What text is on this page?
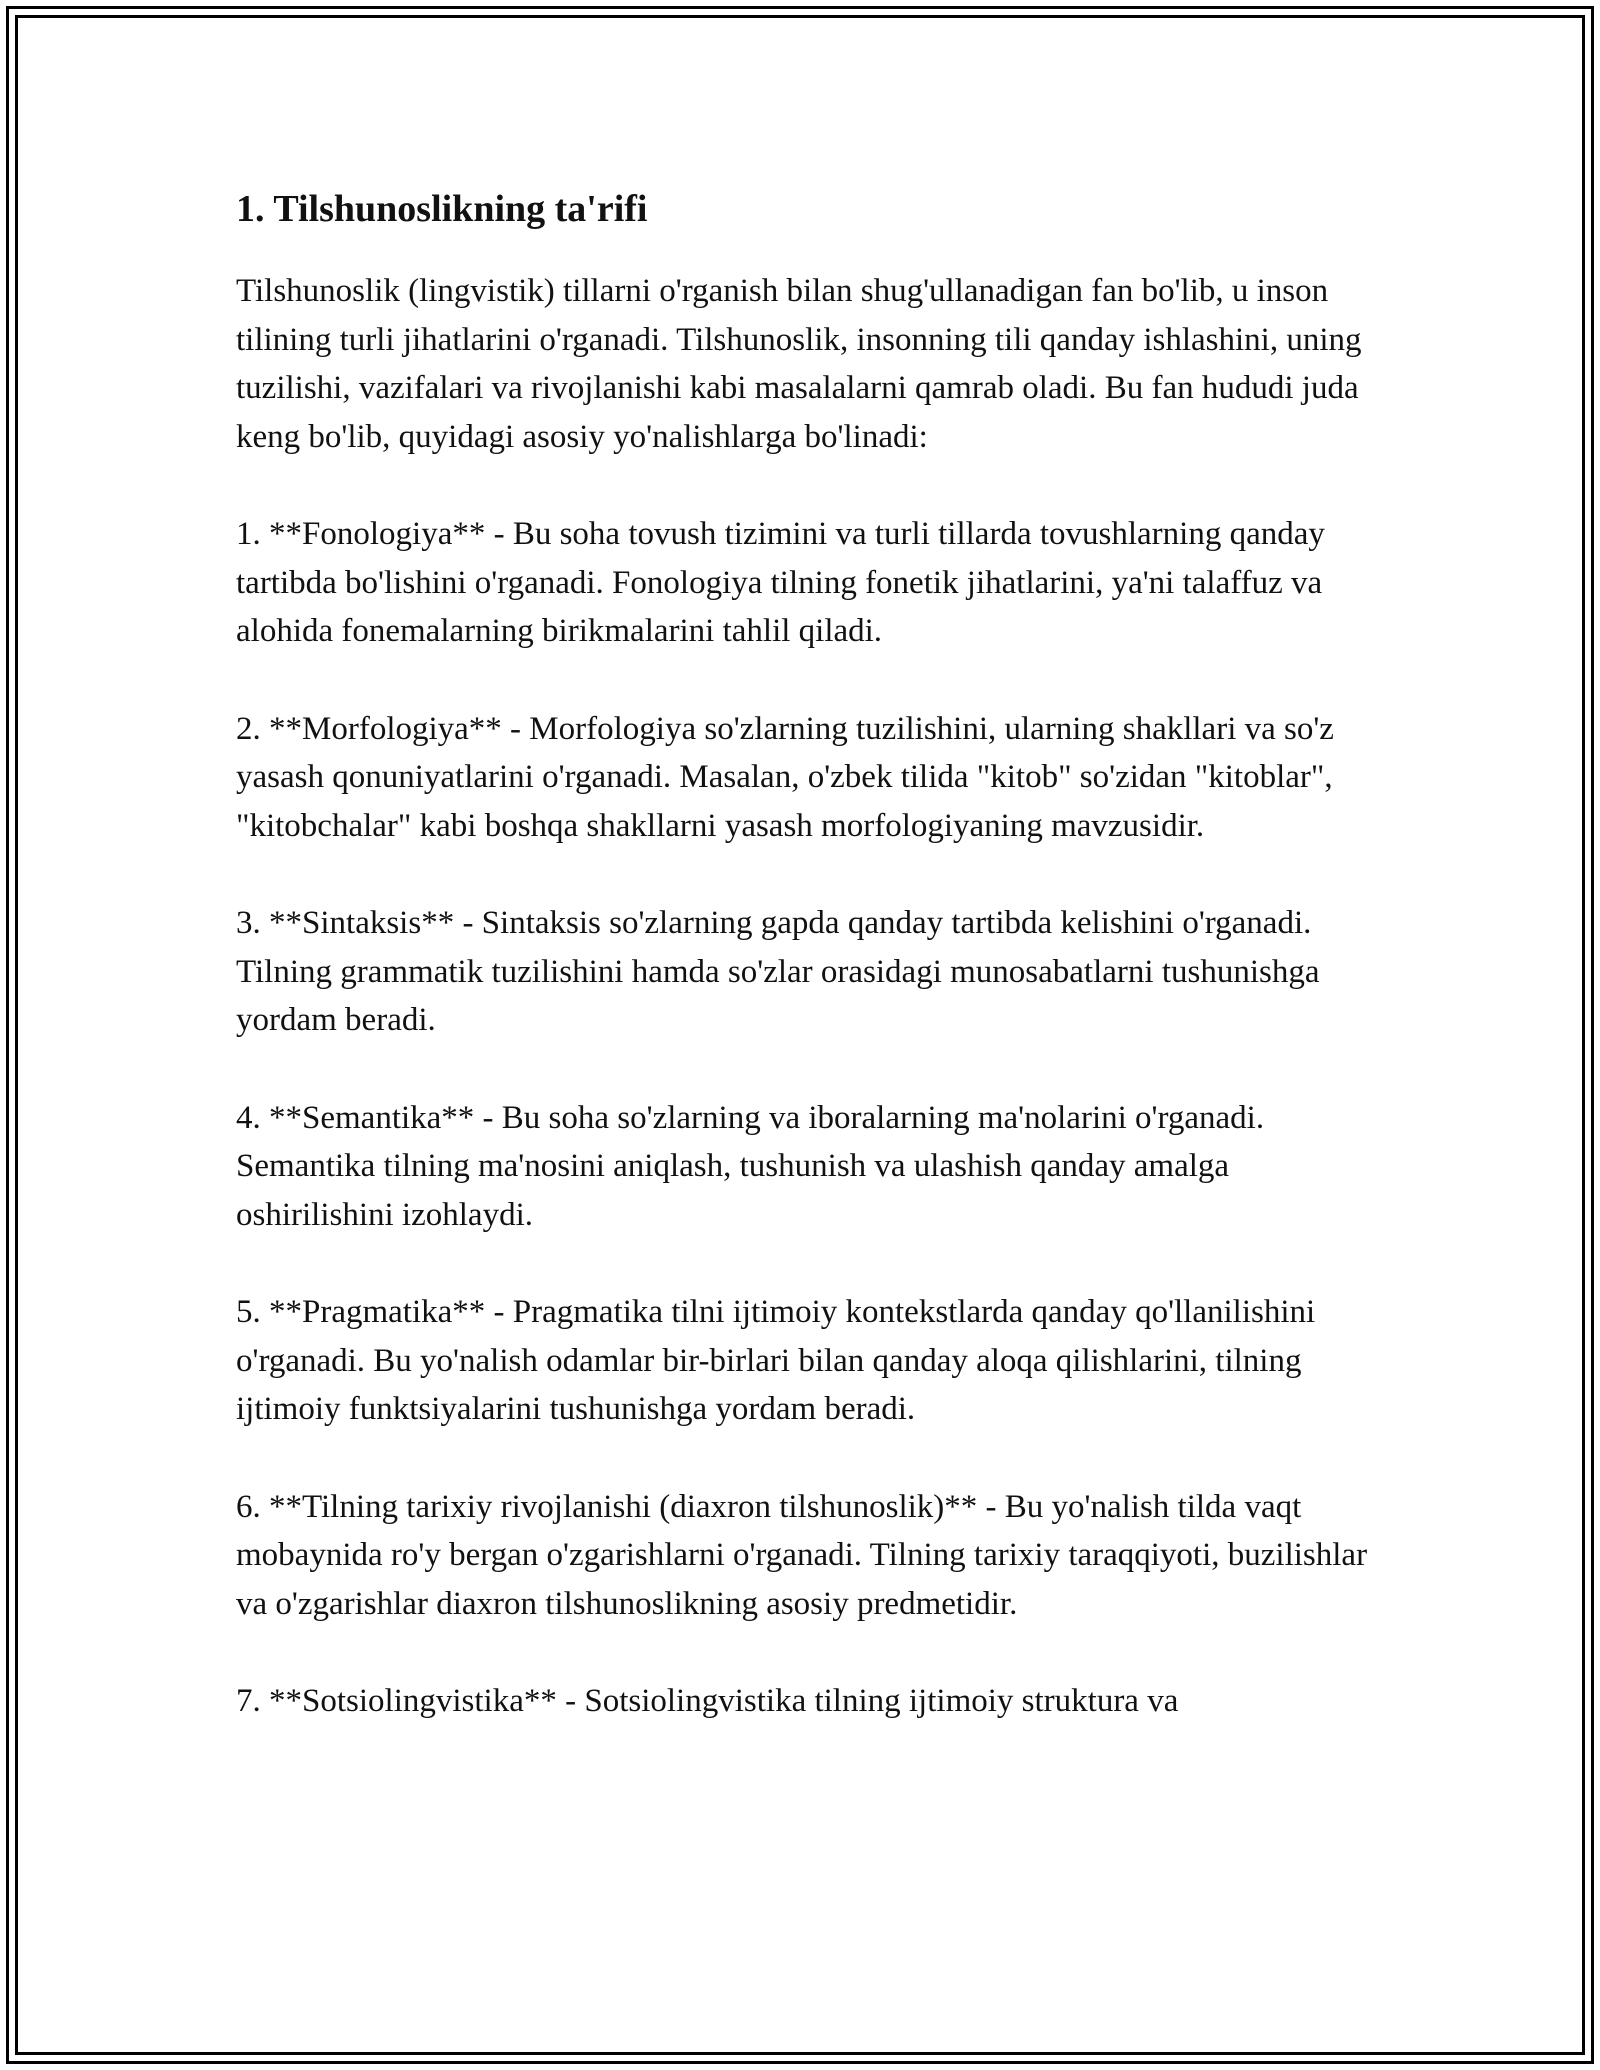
1. Tilshunoslikning ta'rifi

Tilshunoslik (lingvistik) tillarni o'rganish bilan shug'ullanadigan fan bo'lib, u inson tilining turli jihatlarini o'rganadi. Tilshunoslik, insonning tili qanday ishlashini, uning tuzilishi, vazifalari va rivojlanishi kabi masalalarni qamrab oladi. Bu fan hududi juda keng bo'lib, quyidagi asosiy yo'nalishlarga bo'linadi:

1. **Fonologiya** - Bu soha tovush tizimini va turli tillarda tovushlarning qanday tartibda bo'lishini o'rganadi. Fonologiya tilning fonetik jihatlarini, ya'ni talaffuz va alohida fonemalarning birikmalarini tahlil qiladi.

2. **Morfologiya** - Morfologiya so'zlarning tuzilishini, ularning shakllari va so'z yasash qonuniyatlarini o'rganadi. Masalan, o'zbek tilida "kitob" so'zidan "kitoblar", "kitobchalar" kabi boshqa shakllarni yasash morfologiyaning mavzusidir.

3. **Sintaksis** - Sintaksis so'zlarning gapda qanday tartibda kelishini o'rganadi. Tilning grammatik tuzilishini hamda so'zlar orasidagi munosabatlarni tushunishga yordam beradi.

4. **Semantika** - Bu soha so'zlarning va iboralarning ma'nolarini o'rganadi. Semantika tilning ma'nosini aniqlash, tushunish va ulashish qanday amalga oshirilishini izohlaydi.

5. **Pragmatika** - Pragmatika tilni ijtimoiy kontekstlarda qanday qo'llanilishini o'rganadi. Bu yo'nalish odamlar bir-birlari bilan qanday aloqa qilishlarini, tilning ijtimoiy funktsiyalarini tushunishga yordam beradi.

6. **Tilning tarixiy rivojlanishi (diaxron tilshunoslik)** - Bu yo'nalish tilda vaqt mobaynida ro'y bergan o'zgarishlarni o'rganadi. Tilning tarixiy taraqqiyoti, buzilishlar va o'zgarishlar diaxron tilshunoslikning asosiy predmetidir.

7. **Sotsiolingvistika** - Sotsiolingvistika tilning ijtimoiy struktura va
